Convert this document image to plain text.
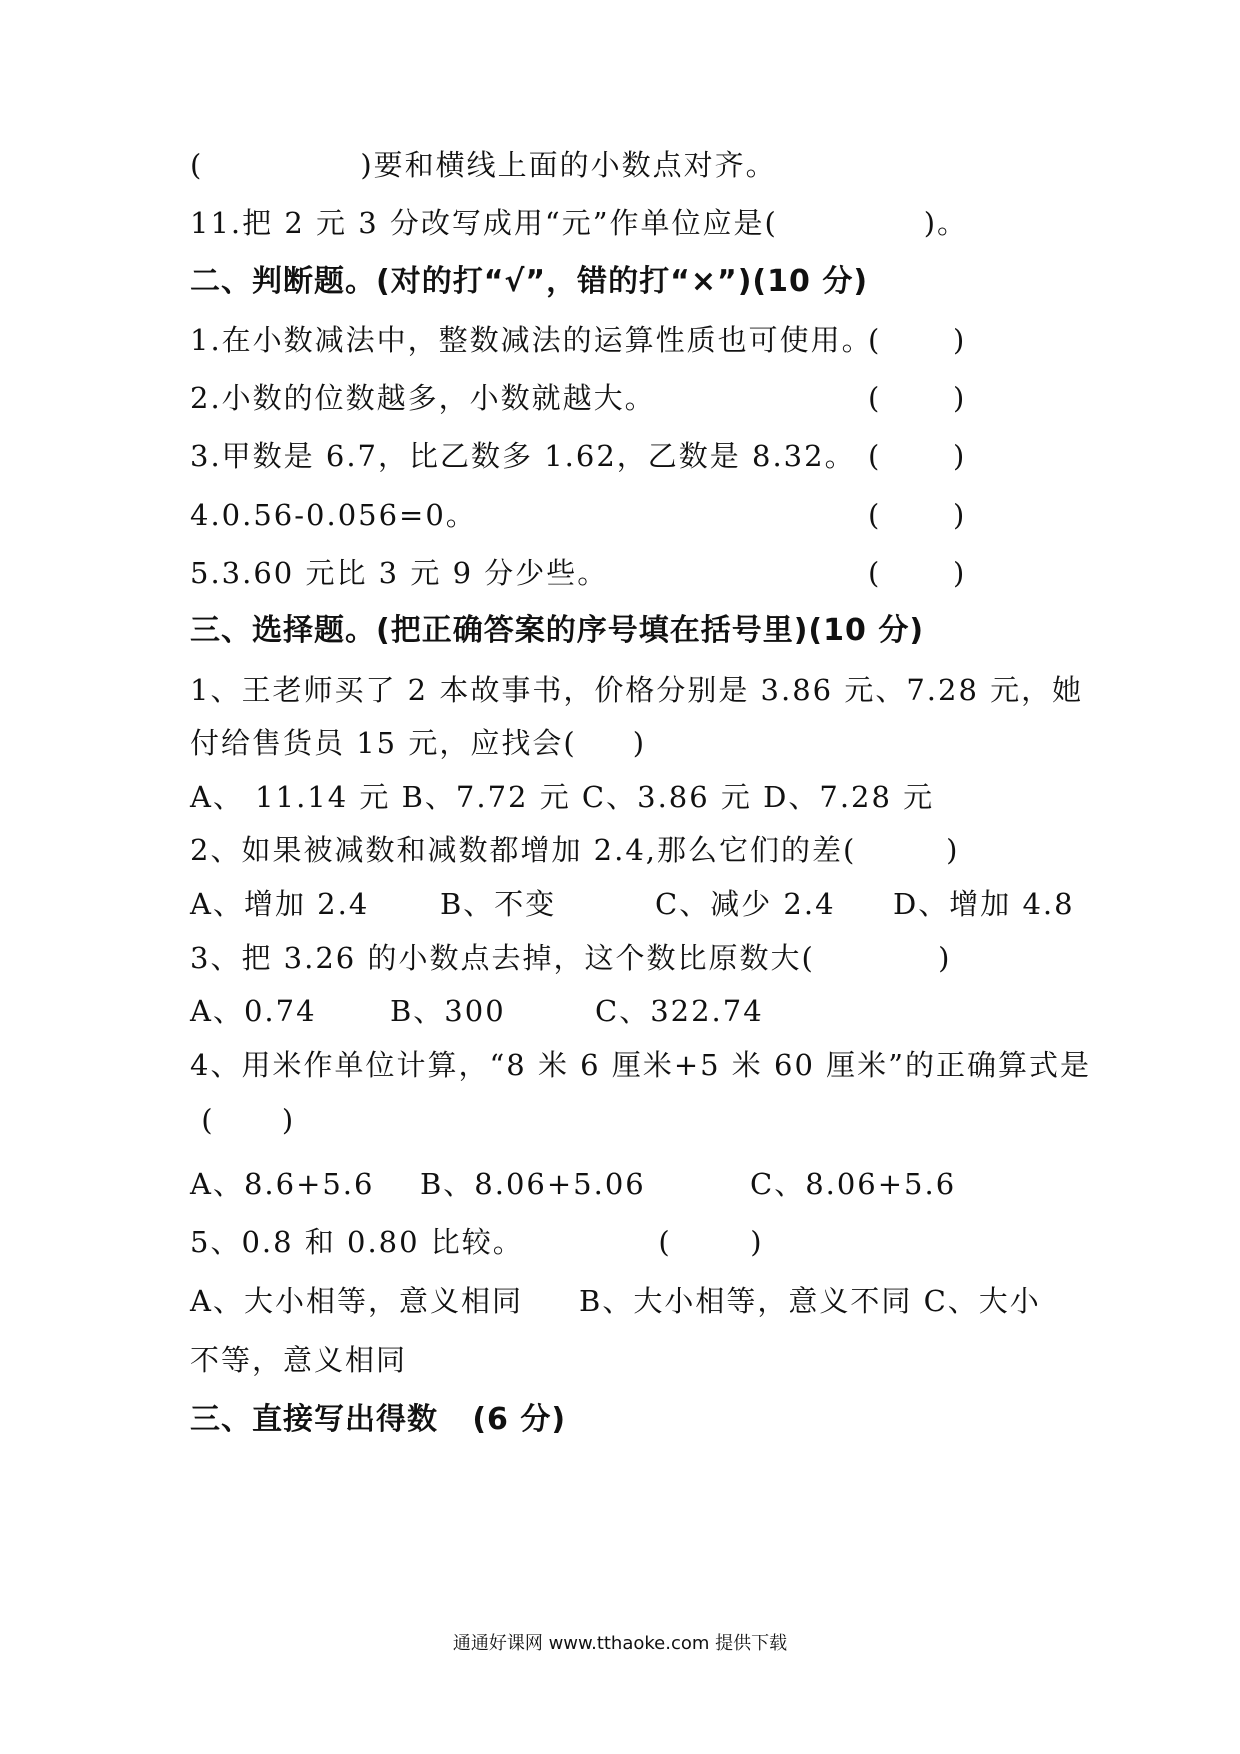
(              )要和横线上面的小数点对齐。
11.把 2 元 3 分改写成用“元”作单位应是(             )。
二、判断题。(对的打“√”，错的打“×”)(10 分)
1.在小数减法中，整数减法的运算性质也可使用。
(        )
2.小数的位数越多，小数就越大。	(        )
3.甲数是 6.7，比乙数多 1.62，乙数是 8.32。 (        )
4.0.56-0.056=0。	(        )
5.3.60 元比 3 元 9 分少些。	(        )
三、选择题。(把正确答案的序号填在括号里)(10 分)
1、王老师买了 2 本故事书，价格分别是 3.86 元、7.28 元，她
付给售货员 15 元，应找会(     )
A、 11.14 元 B、7.72 元 C、3.86 元 D、7.28 元
2、如果被减数和减数都增加 2.4,那么它们的差(        )
A、增加 2.4 B、不变	C、减少 2.4 D、增加 4.8
3、把 3.26 的小数点去掉，这个数比原数大(           )
A、0.74	B、300	C、322.74
4、用米作单位计算，“8 米 6 厘米+5 米 60 厘米”的正确算式是
(      )
A、8.6+5.6 B、8.06+5.06	C、8.06+5.6
5、0.8 和 0.80 比较。            (       )
A、大小相等，意义相同     B、大小相等，意义不同 C、大小
不等，意义相同
三、直接写出得数   (6 分)
通通好课网 www.tthaoke.com 提供下载
